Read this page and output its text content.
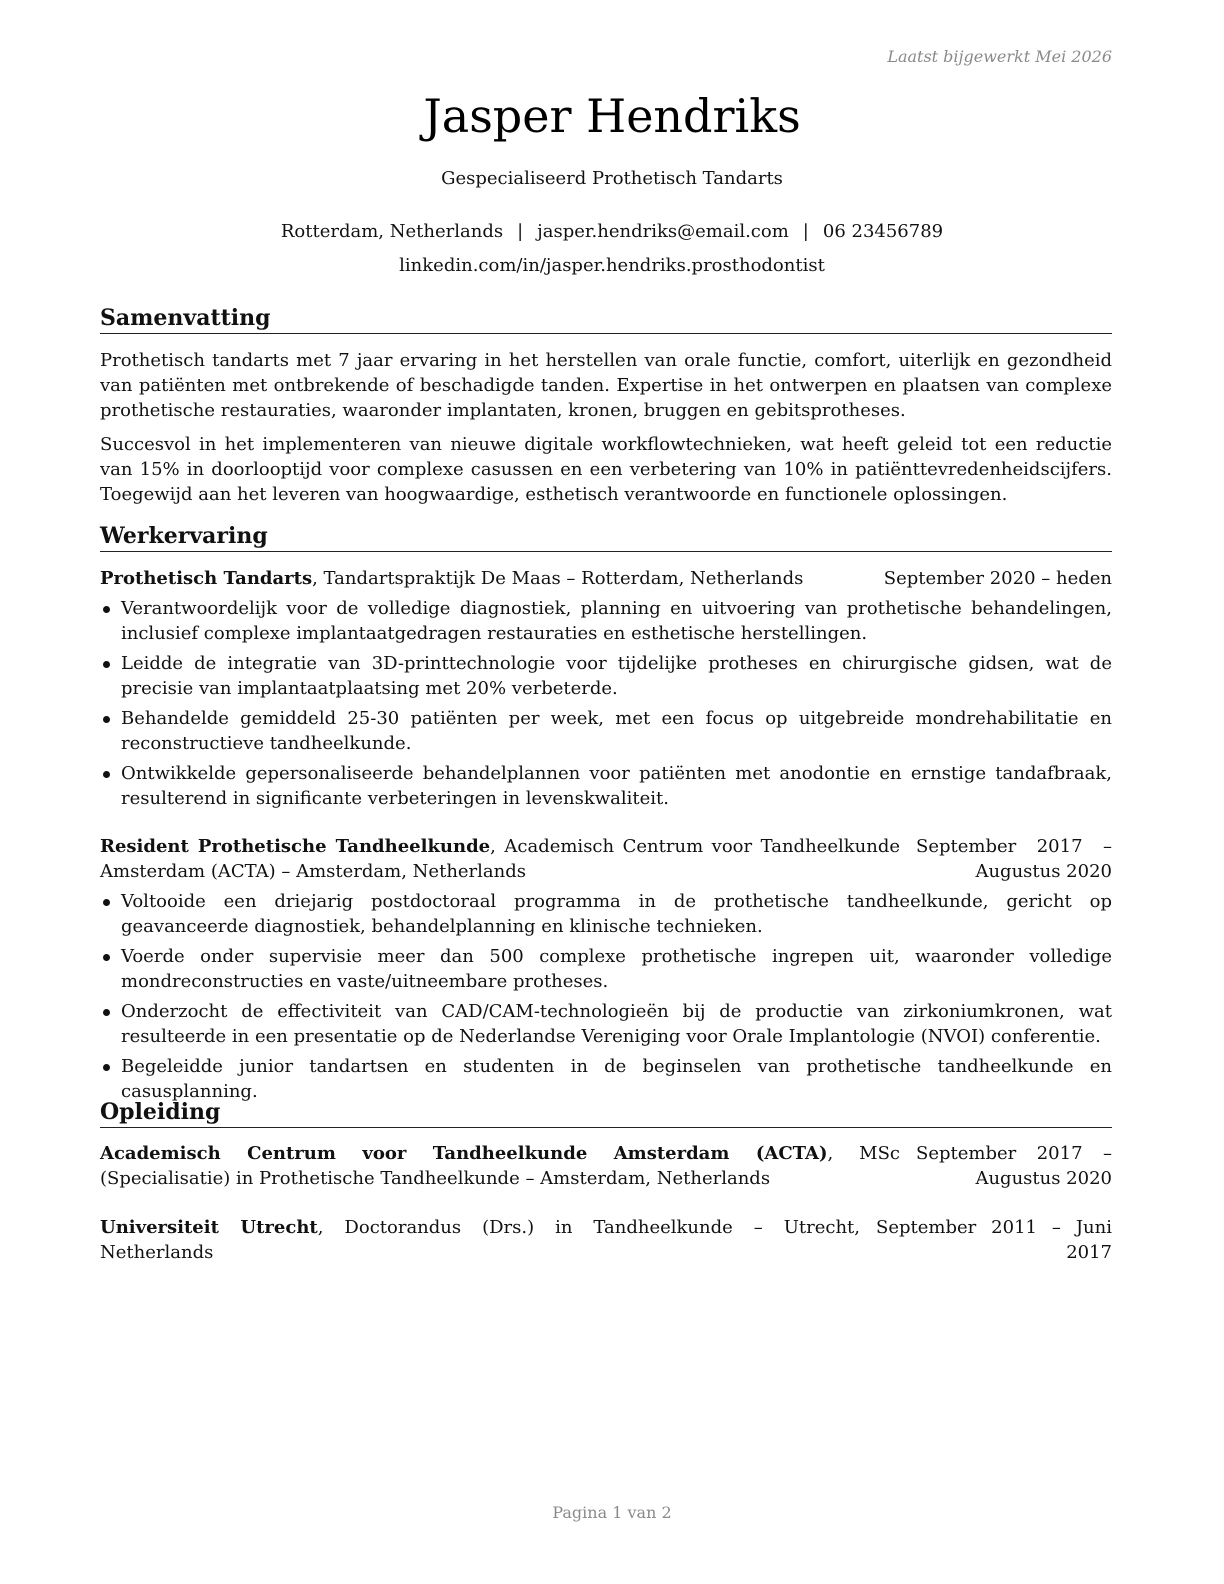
Laatst bijgewerkt Mei 2026
Jasper Hendriks
Gespecialiseerd Prothetisch Tandarts
Rotterdam, Netherlands | jasper.hendriks@email.com | 06 23456789
linkedin.com/in/jasper.hendriks.prosthodontist
Samenvatting

Prothetisch tandarts met 7 jaar ervaring in het herstellen van orale functie, comfort, uiterlijk en gezondheid van patiënten met ontbrekende of beschadigde tanden. Expertise in het ontwerpen en plaatsen van complexe prothetische restauraties, waaronder implantaten, kronen, bruggen en gebitsprotheses.

Succesvol in het implementeren van nieuwe digitale workflowtechnieken, wat heeft geleid tot een reductie van 15% in doorlooptijd voor complexe casussen en een verbetering van 10% in patiënttevredenheidscijfers. Toegewijd aan het leveren van hoogwaardige, esthetisch verantwoorde en functionele oplossingen.

Werkervaring
Prothetisch Tandarts, Tandartspraktijk De Maas – Rotterdam, Netherlands	September 2020 – heden
Verantwoordelijk voor de volledige diagnostiek, planning en uitvoering van prothetische behandelingen, inclusief complexe implantaatgedragen restauraties en esthetische herstellingen.
Leidde de integratie van 3D-printtechnologie voor tijdelijke protheses en chirurgische gidsen, wat de precisie van implantaatplaatsing met 20% verbeterde.
Behandelde gemiddeld 25-30 patiënten per week, met een focus op uitgebreide mondrehabilitatie en reconstructieve tandheelkunde.
Ontwikkelde gepersonaliseerde behandelplannen voor patiënten met anodontie en ernstige tandafbraak, resulterend in significante verbeteringen in levenskwaliteit.
Resident Prothetische Tandheelkunde, Academisch Centrum voor Tandheelkunde Amsterdam (ACTA) – Amsterdam, Netherlands
September 2017 – Augustus 2020
Voltooide een driejarig postdoctoraal programma in de prothetische tandheelkunde, gericht op geavanceerde diagnostiek, behandelplanning en klinische technieken.
Voerde onder supervisie meer dan 500 complexe prothetische ingrepen uit, waaronder volledige mondreconstructies en vaste/uitneembare protheses.
Onderzocht de effectiviteit van CAD/CAM-technologieën bij de productie van zirkoniumkronen, wat resulteerde in een presentatie op de Nederlandse Vereniging voor Orale Implantologie (NVOI) conferentie.
Begeleidde junior tandartsen en studenten in de beginselen van prothetische tandheelkunde en casusplanning.
Opleiding
Academisch Centrum voor Tandheelkunde Amsterdam (ACTA), MSc (Specialisatie) in Prothetische Tandheelkunde – Amsterdam, Netherlands
September 2017 – Augustus 2020
Universiteit Utrecht, Doctorandus (Drs.) in Tandheelkunde – Utrecht, Netherlands
September 2011 – Juni 2017
Pagina 1 van 2
